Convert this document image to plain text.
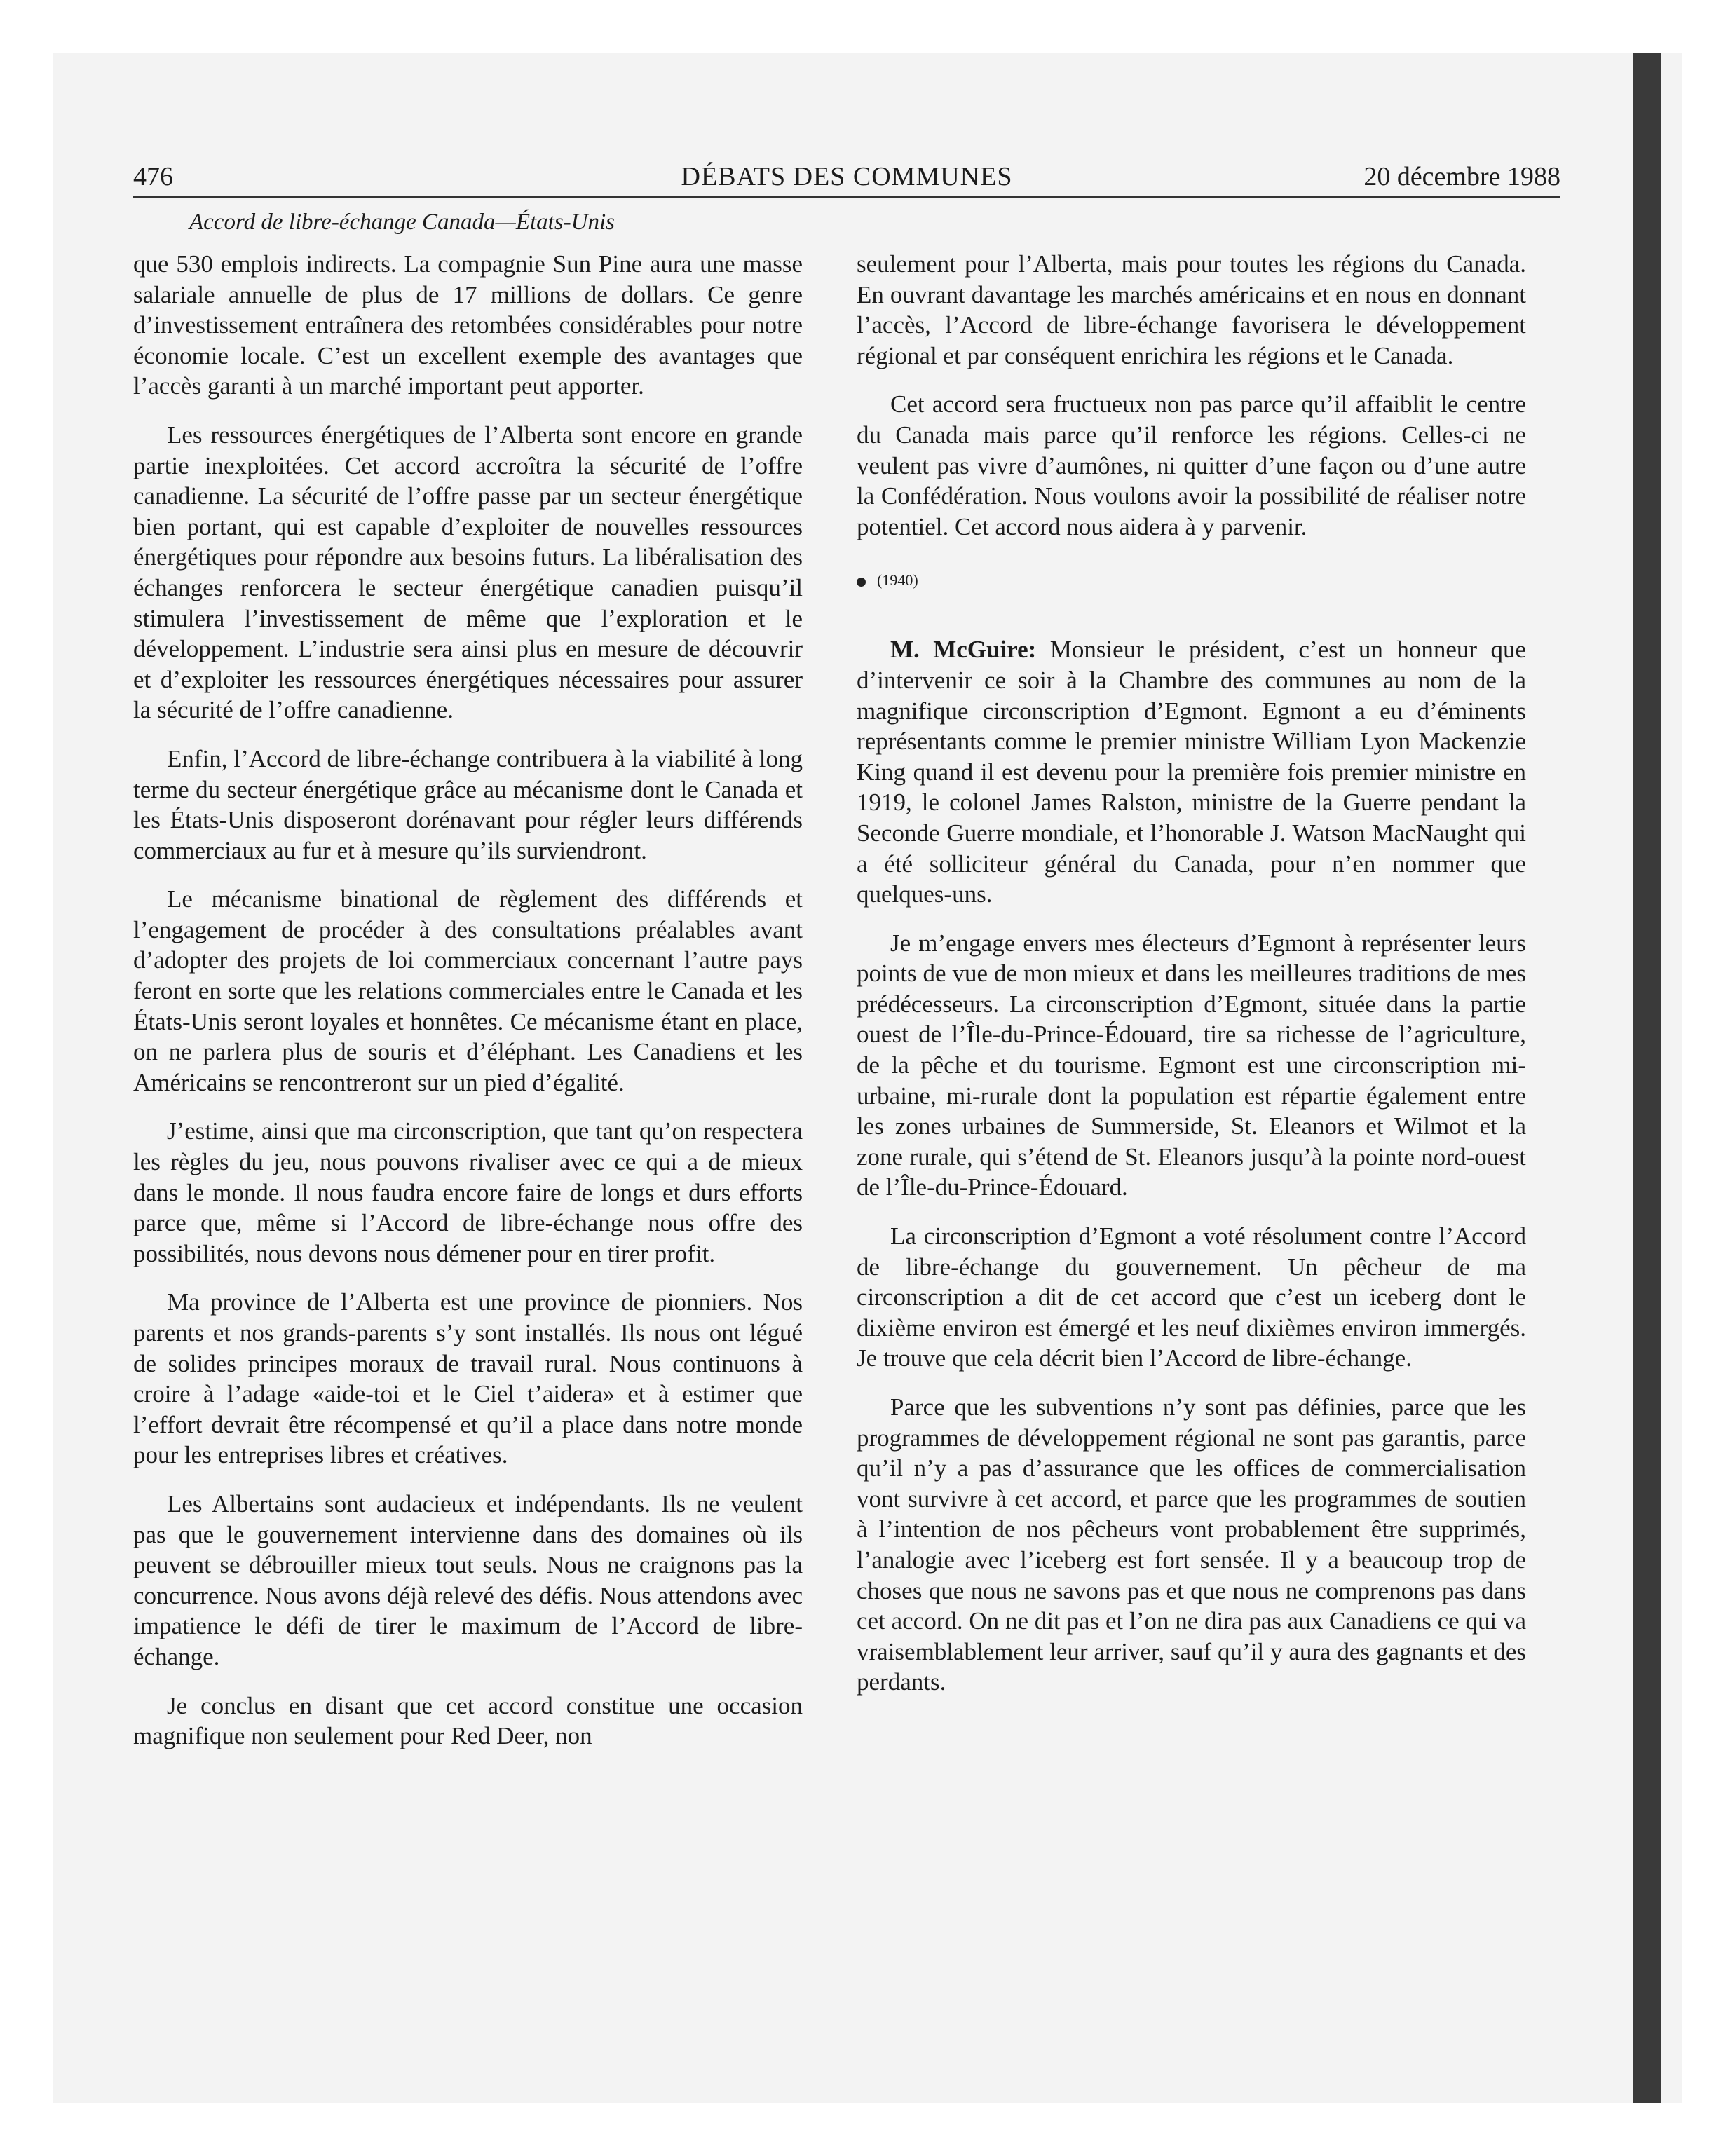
476	DÉBATS DES COMMUNES	20 décembre 1988
Accord de libre-échange Canada—États-Unis

que 530 emplois indirects. La compagnie Sun Pine aura une masse salariale annuelle de plus de 17 millions de dollars. Ce genre d’investissement entraînera des retombées considérables pour notre économie locale. C’est un excellent exemple des avantages que l’accès garanti à un marché important peut apporter.

Les ressources énergétiques de l’Alberta sont encore en grande partie inexploitées. Cet accord accroîtra la sécurité de l’offre canadienne. La sécurité de l’offre passe par un secteur énergétique bien portant, qui est capable d’exploiter de nouvelles ressources énergétiques pour répondre aux besoins futurs. La libéralisation des échanges renforcera le secteur énergétique canadien puisqu’il stimulera l’investissement de même que l’exploration et le développement. L’industrie sera ainsi plus en mesure de découvrir et d’exploiter les ressources énergétiques nécessaires pour assurer la sécurité de l’offre canadienne.

Enfin, l’Accord de libre-échange contribuera à la viabilité à long terme du secteur énergétique grâce au mécanisme dont le Canada et les États-Unis disposeront dorénavant pour régler leurs différends commerciaux au fur et à mesure qu’ils surviendront.

Le mécanisme binational de règlement des différends et l’engagement de procéder à des consultations préalables avant d’adopter des projets de loi commerciaux concernant l’autre pays feront en sorte que les relations commerciales entre le Canada et les États-Unis seront loyales et honnêtes. Ce mécanisme étant en place, on ne parlera plus de souris et d’éléphant. Les Canadiens et les Américains se rencontreront sur un pied d’égalité.

J’estime, ainsi que ma circonscription, que tant qu’on respectera les règles du jeu, nous pouvons rivaliser avec ce qui a de mieux dans le monde. Il nous faudra encore faire de longs et durs efforts parce que, même si l’Accord de libre-échange nous offre des possibilités, nous devons nous démener pour en tirer profit.

Ma province de l’Alberta est une province de pionniers. Nos parents et nos grands-parents s’y sont installés. Ils nous ont légué de solides principes moraux de travail rural. Nous continuons à croire à l’adage «aide-toi et le Ciel t’aidera» et à estimer que l’effort devrait être récompensé et qu’il a place dans notre monde pour les entreprises libres et créatives.

Les Albertains sont audacieux et indépendants. Ils ne veulent pas que le gouvernement intervienne dans des domaines où ils peuvent se débrouiller mieux tout seuls. Nous ne craignons pas la concurrence. Nous avons déjà relevé des défis. Nous attendons avec impatience le défi de tirer le maximum de l’Accord de libre-échange.

Je conclus en disant que cet accord constitue une occasion magnifique non seulement pour Red Deer, non

seulement pour l’Alberta, mais pour toutes les régions du Canada. En ouvrant davantage les marchés américains et en nous en donnant l’accès, l’Accord de libre-échange favorisera le développement régional et par conséquent enrichira les régions et le Canada.

Cet accord sera fructueux non pas parce qu’il affaiblit le centre du Canada mais parce qu’il renforce les régions. Celles-ci ne veulent pas vivre d’aumônes, ni quitter d’une façon ou d’une autre la Confédération. Nous voulons avoir la possibilité de réaliser notre potentiel. Cet accord nous aidera à y parvenir.

(1940)

M. McGuire: Monsieur le président, c’est un honneur que d’intervenir ce soir à la Chambre des communes au nom de la magnifique circonscription d’Egmont. Egmont a eu d’éminents représentants comme le premier ministre William Lyon Mackenzie King quand il est devenu pour la première fois premier ministre en 1919, le colonel James Ralston, ministre de la Guerre pendant la Seconde Guerre mondiale, et l’honorable J. Watson MacNaught qui a été solliciteur général du Canada, pour n’en nommer que quelques-uns.

Je m’engage envers mes électeurs d’Egmont à représenter leurs points de vue de mon mieux et dans les meilleures traditions de mes prédécesseurs. La circonscription d’Egmont, située dans la partie ouest de l’Île-du-Prince-Édouard, tire sa richesse de l’agriculture, de la pêche et du tourisme. Egmont est une circonscription mi-urbaine, mi-rurale dont la population est répartie également entre les zones urbaines de Summerside, St. Eleanors et Wilmot et la zone rurale, qui s’étend de St. Eleanors jusqu’à la pointe nord-ouest de l’Île-du-Prince-Édouard.

La circonscription d’Egmont a voté résolument contre l’Accord de libre-échange du gouvernement. Un pêcheur de ma circonscription a dit de cet accord que c’est un iceberg dont le dixième environ est émergé et les neuf dixièmes environ immergés. Je trouve que cela décrit bien l’Accord de libre-échange.

Parce que les subventions n’y sont pas définies, parce que les programmes de développement régional ne sont pas garantis, parce qu’il n’y a pas d’assurance que les offices de commercialisation vont survivre à cet accord, et parce que les programmes de soutien à l’intention de nos pêcheurs vont probablement être supprimés, l’analogie avec l’iceberg est fort sensée. Il y a beaucoup trop de choses que nous ne savons pas et que nous ne comprenons pas dans cet accord. On ne dit pas et l’on ne dira pas aux Canadiens ce qui va vraisemblablement leur arriver, sauf qu’il y aura des gagnants et des perdants.
